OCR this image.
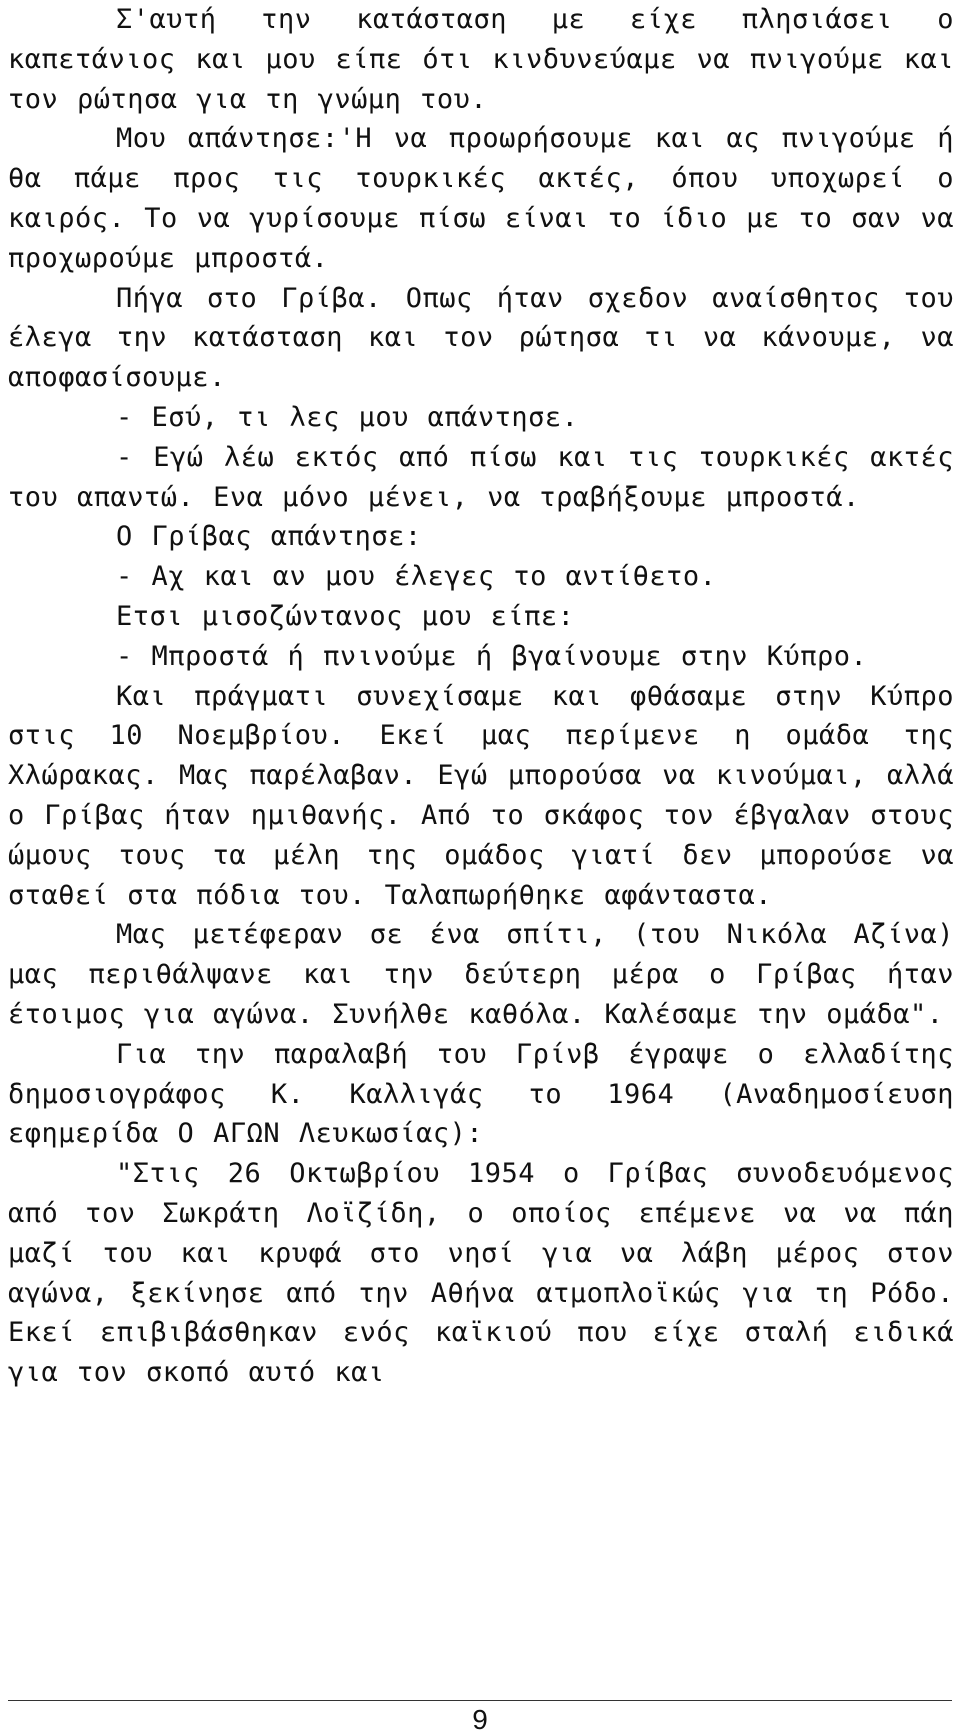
Σ'αυτή την κατάσταση με είχε πλησιάσει ο καπετάνιος και μου είπε ότι κινδυνεύαμε να πνιγούμε και τον ρώτησα για τη γνώμη του.

Μου απάντησε:'Η να προωρήσουμε και ας πνιγούμε ή θα πάμε προς τις τουρκικές ακτές, όπου υποχωρεί ο καιρός. Το να γυρίσουμε πίσω είναι το ίδιο με το σαν να προχωρούμε μπροστά.

Πήγα στο Γρίβα. Οπως ήταν σχεδον αναίσθητος του έλεγα την κατάσταση και τον ρώτησα τι να κάνουμε, να αποφασίσουμε.

- Εσύ, τι λες μου απάντησε.

- Εγώ λέω εκτός από πίσω και τις τουρκικές ακτές του απαντώ. Ενα μόνο μένει, να τραβήξουμε μπροστά.

Ο Γρίβας απάντησε:

- Αχ και αν μου έλεγες το αντίθετο.

Ετσι μισοζώντανος μου είπε:

- Μπροστά ή πνινούμε ή βγαίνουμε στην Κύπρο.

Και πράγματι συνεχίσαμε και φθάσαμε στην Κύπρο στις 10 Νοεμβρίου. Εκεί μας περίμενε η ομάδα της Χλώρακας. Μας παρέλαβαν. Εγώ μπορούσα να κινούμαι, αλλά ο Γρίβας ήταν ημιθανής. Από το σκάφος τον έβγαλαν στους ώμους τους τα μέλη της ομάδος γιατί δεν μπορούσε να σταθεί στα πόδια του. Ταλαπωρήθηκε αφάνταστα.

Μας μετέφεραν σε ένα σπίτι, (του Νικόλα Αζίνα) μας περιθάλψανε και την δεύτερη μέρα ο Γρίβας ήταν έτοιμος για αγώνα. Συνήλθε καθόλα. Καλέσαμε την ομάδα".

Για την παραλαβή του Γρίνβ έγραψε ο ελλαδίτης δημοσιογράφος Κ. Καλλιγάς το 1964 (Αναδημοσίευση εφημερίδα Ο ΑΓΩΝ Λευκωσίας):

"Στις 26 Οκτωβρίου 1954 ο Γρίβας συνοδευόμενος από τον Σωκράτη Λοϊζίδη, ο οποίος επέμενε να να πάη μαζί του και κρυφά στο νησί για να λάβη μέρος στον αγώνα, ξεκίνησε από την Αθήνα ατμοπλοϊκώς για τη Ρόδο. Εκεί επιβιβάσθηκαν ενός καϊκιού που είχε σταλή ειδικά για τον σκοπό αυτό και

9
